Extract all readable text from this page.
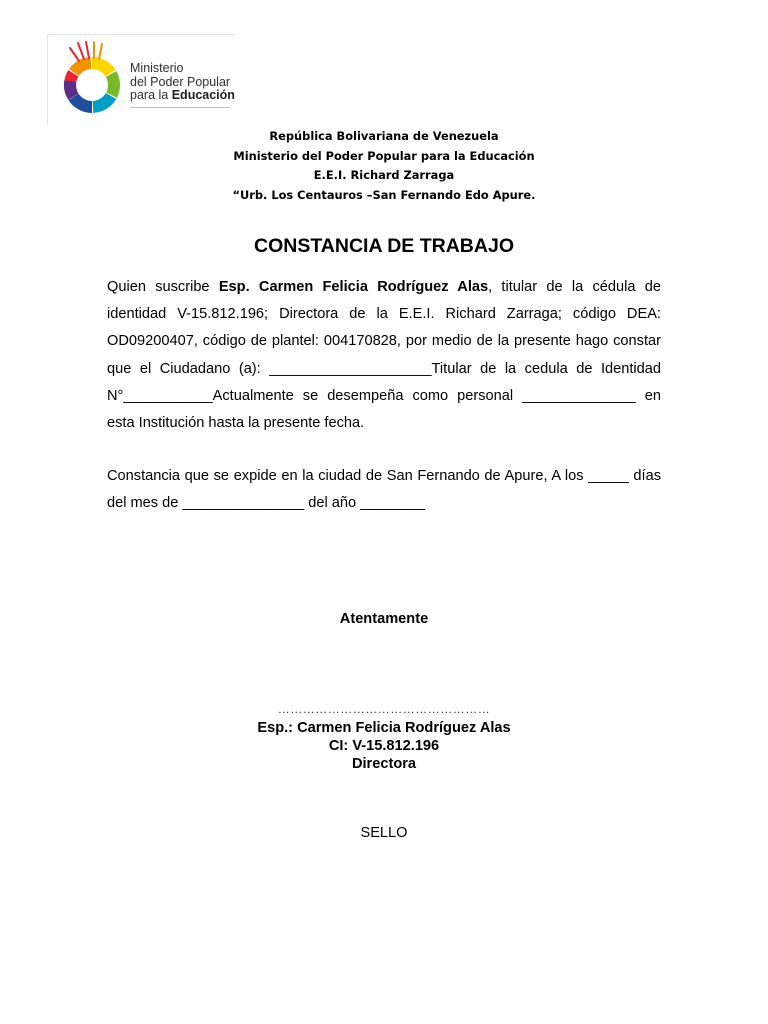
Ministerio
del Poder Popular
para la Educación
República Bolivariana de Venezuela
Ministerio del Poder Popular para la Educación
E.E.I. Richard Zarraga
“Urb. Los Centauros –San Fernando Edo Apure.
CONSTANCIA DE TRABAJO
Quien suscribe Esp. Carmen Felicia Rodríguez Alas, titular de la cédula de identidad V-15.812.196; Directora de la E.E.I. Richard Zarraga; código DEA: OD09200407, código de plantel: 004170828, por medio de la presente hago constar que el Ciudadano (a): ____________________Titular de la cedula de Identidad N°___________Actualmente se desempeña como personal ______________ en esta Institución hasta la presente fecha.
Constancia que se expide en la ciudad de San Fernando de Apure, A los _____ días del mes de _______________ del año ________
Atentamente
……………………………………………
Esp.: Carmen Felicia Rodríguez Alas
CI: V-15.812.196
Directora
SELLO
